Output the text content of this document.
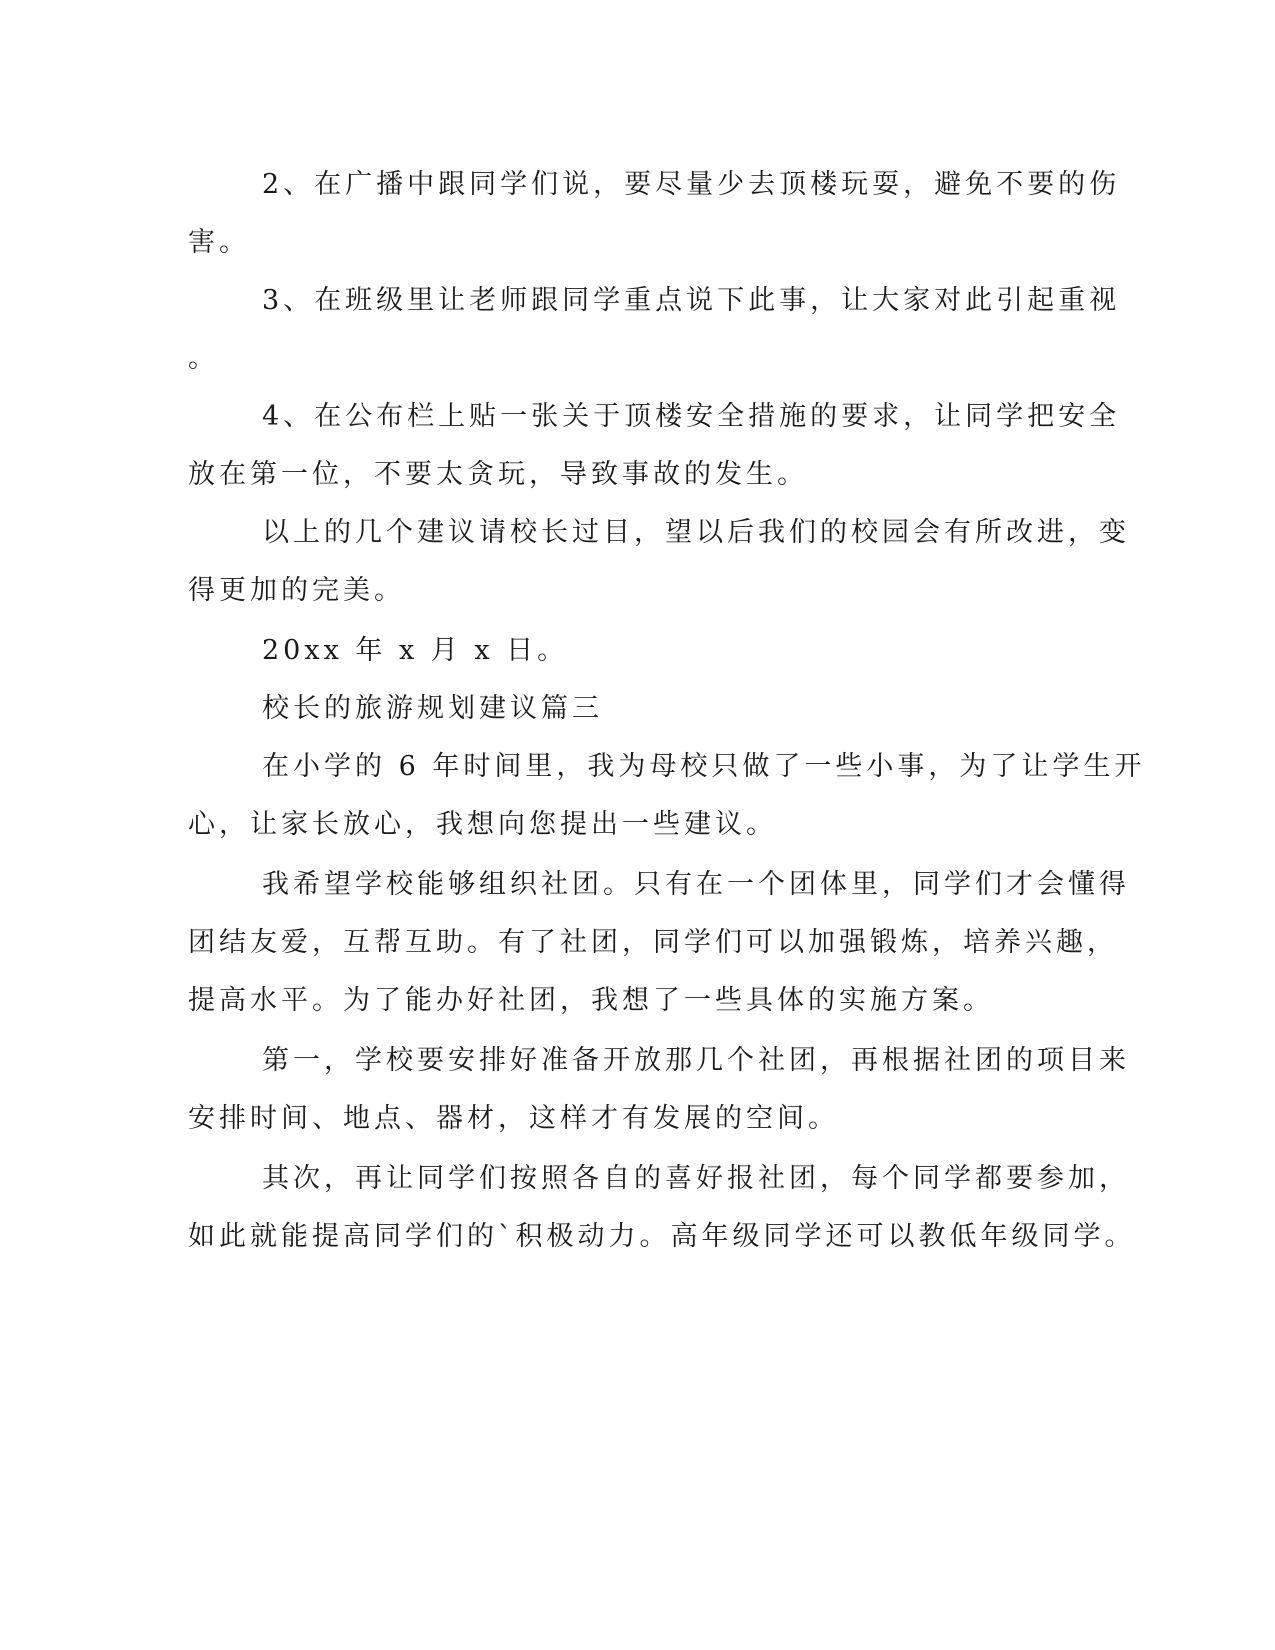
2、在广播中跟同学们说，要尽量少去顶楼玩耍，避免不要的伤
害。
3、在班级里让老师跟同学重点说下此事，让大家对此引起重视
。
4、在公布栏上贴一张关于顶楼安全措施的要求，让同学把安全
放在第一位，不要太贪玩，导致事故的发生。
以上的几个建议请校长过目，望以后我们的校园会有所改进，变
得更加的完美。
20xx 年 x 月 x 日。
校长的旅游规划建议篇三
在小学的 6 年时间里，我为母校只做了一些小事，为了让学生开
心，让家长放心，我想向您提出一些建议。
我希望学校能够组织社团。只有在一个团体里，同学们才会懂得
团结友爱，互帮互助。有了社团，同学们可以加强锻炼，培养兴趣，
提高水平。为了能办好社团，我想了一些具体的实施方案。
第一，学校要安排好准备开放那几个社团，再根据社团的项目来
安排时间、地点、器材，这样才有发展的空间。
其次，再让同学们按照各自的喜好报社团，每个同学都要参加，
如此就能提高同学们的`积极动力。高年级同学还可以教低年级同学。
